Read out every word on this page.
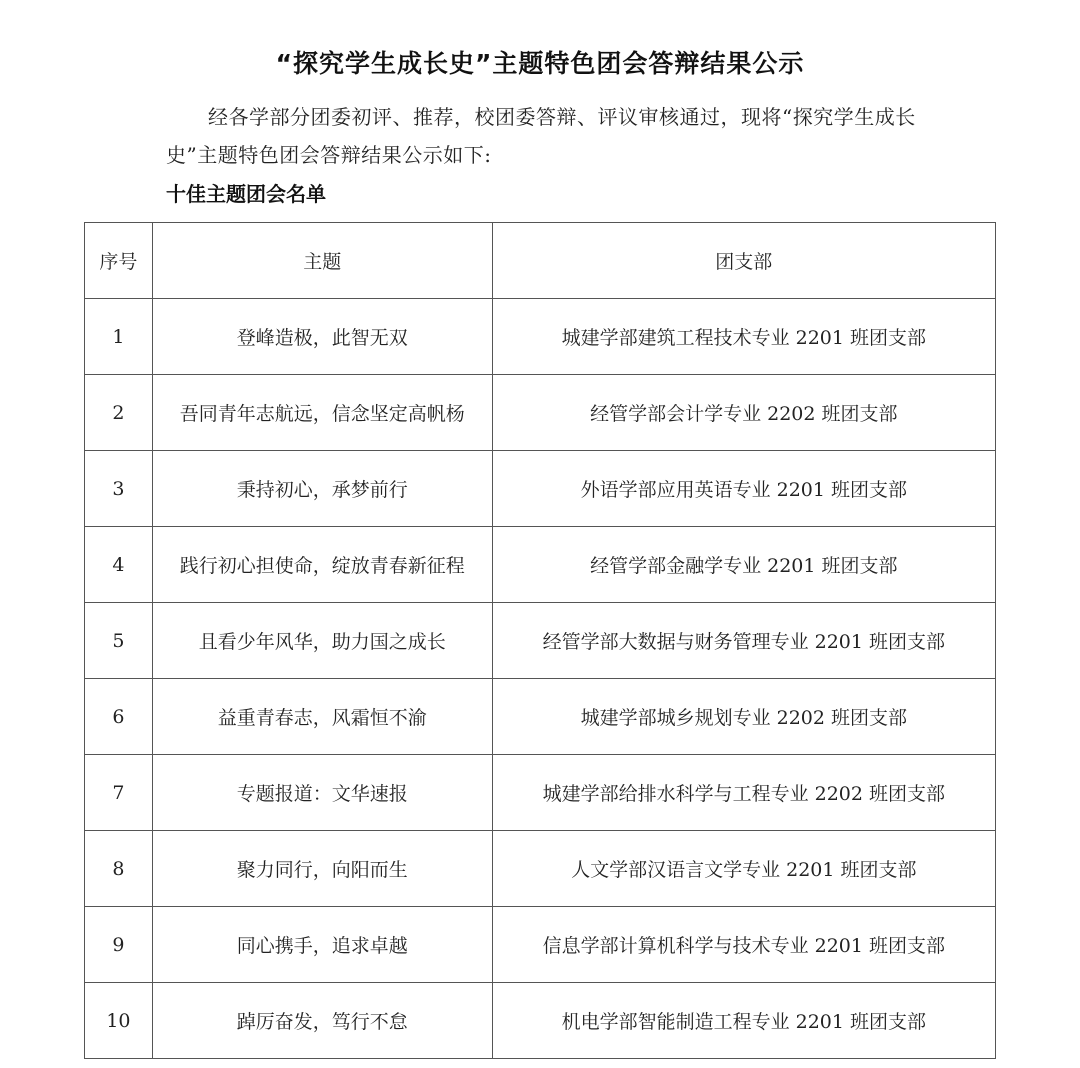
“探究学生成长史”主题特色团会答辩结果公示
经各学部分团委初评、推荐，校团委答辩、评议审核通过，现将“探究学生成长史”主题特色团会答辩结果公示如下:
十佳主题团会名单
序号	主题	团支部
1	登峰造极，此智无双	城建学部建筑工程技术专业 2201 班团支部
2	吾同青年志航远，信念坚定高帆杨	经管学部会计学专业 2202 班团支部
3	秉持初心，承梦前行	外语学部应用英语专业 2201 班团支部
4	践行初心担使命，绽放青春新征程	经管学部金融学专业 2201 班团支部
5	且看少年风华，助力国之成长	经管学部大数据与财务管理专业 2201 班团支部
6	益重青春志，风霜恒不渝	城建学部城乡规划专业 2202 班团支部
7	专题报道：文华速报	城建学部给排水科学与工程专业 2202 班团支部
8	聚力同行，向阳而生	人文学部汉语言文学专业 2201 班团支部
9	同心携手，追求卓越	信息学部计算机科学与技术专业 2201 班团支部
10	踔厉奋发，笃行不怠	机电学部智能制造工程专业 2201 班团支部
